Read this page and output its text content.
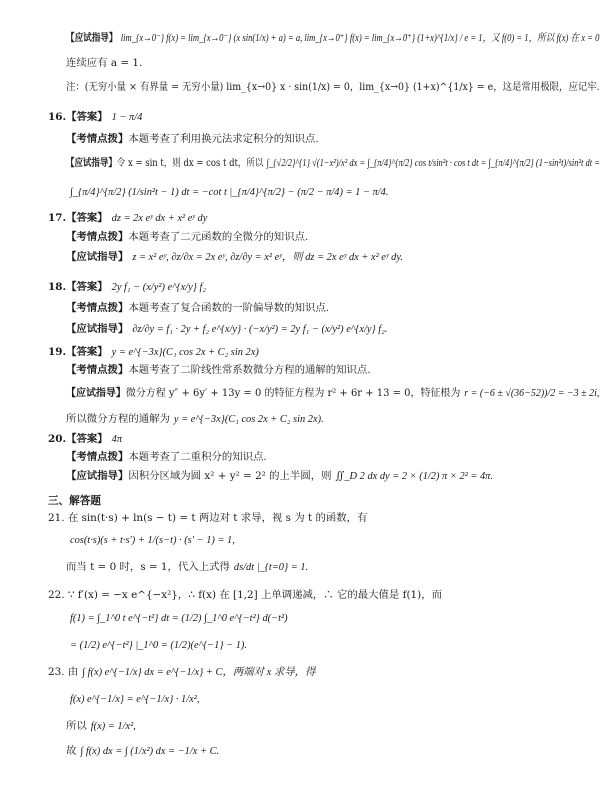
【应试指导】 lim_{x→0⁻} f(x) = lim_{x→0⁻} (x sin(1/x) + a) = a, lim_{x→0⁺} f(x) = lim_{x→0⁺} (1+x)^{1/x} / e = 1，又 f(0) = 1，所以 f(x) 在 x = 0
连续应有 a = 1.
注：(无穷小量 × 有界量 = 无穷小量) lim_{x→0} x · sin(1/x) = 0，lim_{x→0} (1+x)^{1/x} = e，这是常用极限，应记牢.
16.【答案】 1 − π/4
【考情点拨】本题考查了利用换元法求定积分的知识点.
【应试指导】令 x = sin t，则 dx = cos t dt，所以 ∫_{√2/2}^{1} √(1−x²)/x² dx = ∫_{π/4}^{π/2} cos t/sin²t · cos t dt = ∫_{π/4}^{π/2} (1−sin²t)/sin²t dt =
∫_{π/4}^{π/2} (1/sin²t − 1) dt = −cot t |_{π/4}^{π/2} − (π/2 − π/4) = 1 − π/4.
17.【答案】 dz = 2x eʸ dx + x² eʸ dy
【考情点拨】本题考查了二元函数的全微分的知识点.
【应试指导】 z = x² eʸ, ∂z/∂x = 2x eʸ, ∂z/∂y = x² eʸ，则 dz = 2x eʸ dx + x² eʸ dy.
18.【答案】 2y f₁ − (x/y²) e^{x/y} f₂
【考情点拨】本题考查了复合函数的一阶偏导数的知识点.
【应试指导】 ∂z/∂y = f₁ · 2y + f₂ e^{x/y} · (−x/y²) = 2y f₁ − (x/y²) e^{x/y} f₂.
19.【答案】 y = e^{−3x}(C₁ cos 2x + C₂ sin 2x)
【考情点拨】本题考查了二阶线性常系数微分方程的通解的知识点.
【应试指导】微分方程 y″ + 6y′ + 13y = 0 的特征方程为 r² + 6r + 13 = 0，特征根为 r = (−6 ± √(36−52))/2 = −3 ± 2i,
所以微分方程的通解为 y = e^{−3x}(C₁ cos 2x + C₂ sin 2x).
20.【答案】 4π
【考情点拨】本题考查了二重积分的知识点.
【应试指导】因积分区域为圆 x² + y² = 2² 的上半圆，则 ∬_D 2 dx dy = 2 × (1/2) π × 2² = 4π.
三、解答题
21. 在 sin(t·s) + ln(s − t) = t 两边对 t 求导，视 s 为 t 的函数，有
cos(t·s)(s + t·s′) + 1/(s−t) · (s′ − 1) = 1,
而当 t = 0 时，s = 1，代入上式得 ds/dt |_{t=0} = 1.
22. ∵ f′(x) = −x e^{−x²}，∴ f(x) 在 [1,2] 上单调递减，∴ 它的最大值是 f(1)，而
f(1) = ∫_1^0 t e^{−t²} dt = (1/2) ∫_1^0 e^{−t²} d(−t²)
= (1/2) e^{−t²} |_1^0 = (1/2)(e^{−1} − 1).
23. 由 ∫ f(x) e^{−1/x} dx = e^{−1/x} + C，两端对 x 求导，得
f(x) e^{−1/x} = e^{−1/x} · 1/x²,
所以 f(x) = 1/x²,
故 ∫ f(x) dx = ∫ (1/x²) dx = −1/x + C.
